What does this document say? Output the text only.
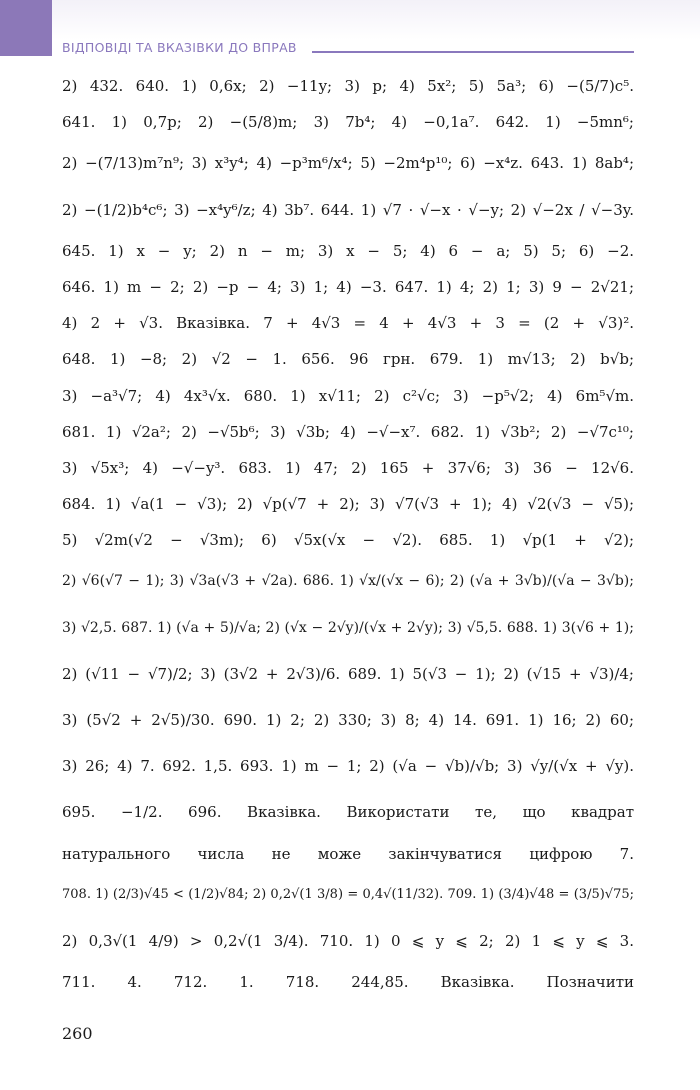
ВІДПОВІДІ ТА ВКАЗІВКИ ДО ВПРАВ
2) 432. 640. 1) 0,6x; 2) −11y; 3) p; 4) 5x²; 5) 5a³; 6) −(5/7)c⁵.
641. 1) 0,7p; 2) −(5/8)m; 3) 7b⁴; 4) −0,1a⁷. 642. 1) −5mn⁶;
2) −(7/13)m⁷n⁹; 3) x³y⁴; 4) −p³m⁶/x⁴; 5) −2m⁴p¹⁰; 6) −x⁴z. 643. 1) 8ab⁴;
2) −(1/2)b⁴c⁶; 3) −x⁴y⁶/z; 4) 3b⁷. 644. 1) √7 · √−x · √−y; 2) √−2x / √−3y.
645. 1) x − y; 2) n − m; 3) x − 5; 4) 6 − a; 5) 5; 6) −2.
646. 1) m − 2; 2) −p − 4; 3) 1; 4) −3. 647. 1) 4; 2) 1; 3) 9 − 2√21;
4) 2 + √3. Вказівка. 7 + 4√3 = 4 + 4√3 + 3 = (2 + √3)².
648. 1) −8; 2) √2 − 1. 656. 96 грн. 679. 1) m√13; 2) b√b;
3) −a³√7; 4) 4x³√x. 680. 1) x√11; 2) c²√c; 3) −p⁵√2; 4) 6m⁵√m.
681. 1) √2a²; 2) −√5b⁶; 3) √3b; 4) −√−x⁷. 682. 1) √3b²; 2) −√7c¹⁰;
3) √5x³; 4) −√−y³. 683. 1) 47; 2) 165 + 37√6; 3) 36 − 12√6.
684. 1) √a(1 − √3); 2) √p(√7 + 2); 3) √7(√3 + 1); 4) √2(√3 − √5);
5) √2m(√2 − √3m); 6) √5x(√x − √2). 685. 1) √p(1 + √2);
2) √6(√7 − 1); 3) √3a(√3 + √2a). 686. 1) √x/(√x − 6); 2) (√a + 3√b)/(√a − 3√b);
3) √2,5. 687. 1) (√a + 5)/√a; 2) (√x − 2√y)/(√x + 2√y); 3) √5,5. 688. 1) 3(√6 + 1);
2) (√11 − √7)/2; 3) (3√2 + 2√3)/6. 689. 1) 5(√3 − 1); 2) (√15 + √3)/4;
3) (5√2 + 2√5)/30. 690. 1) 2; 2) 330; 3) 8; 4) 14. 691. 1) 16; 2) 60;
3) 26; 4) 7. 692. 1,5. 693. 1) m − 1; 2) (√a − √b)/√b; 3) √y/(√x + √y).
695. −1/2. 696. Вказівка. Використати те, що квадрат
натурального числа не може закінчуватися цифрою 7.
708. 1) (2/3)√45 < (1/2)√84; 2) 0,2√(1 3/8) = 0,4√(11/32). 709. 1) (3/4)√48 = (3/5)√75;
2) 0,3√(1 4/9) > 0,2√(1 3/4). 710. 1) 0 ⩽ y ⩽ 2; 2) 1 ⩽ y ⩽ 3.
711. 4. 712. 1. 718. 244,85. Вказівка. Позначити
260
